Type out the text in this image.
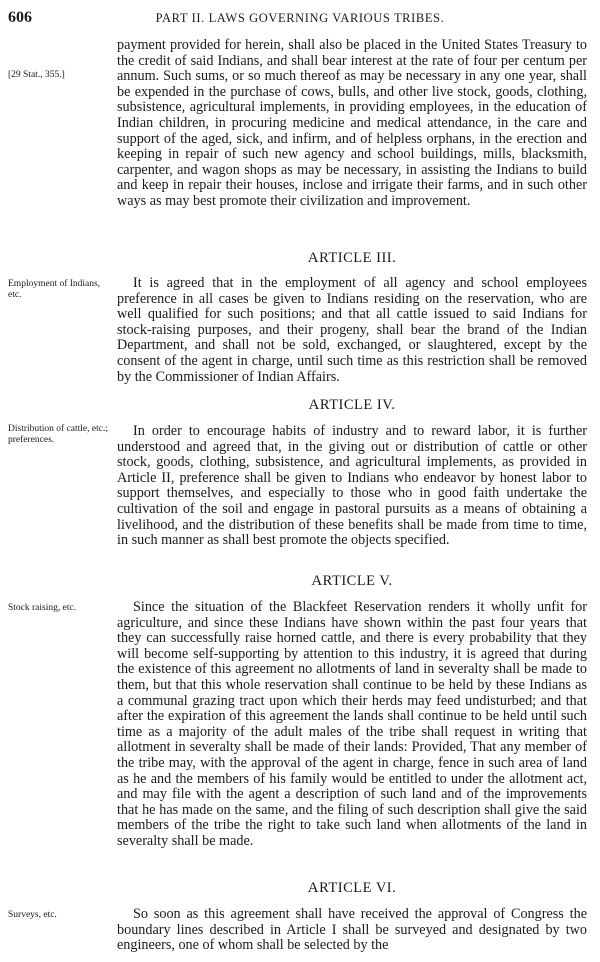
606	PART II. LAWS GOVERNING VARIOUS TRIBES.
[29 Stat., 355.]
Employment of Indians, etc.
Distribution of cattle, etc.; preferences.
Stock raising, etc.
Surveys, etc.
payment provided for herein, shall also be placed in the United States Treasury to the credit of said Indians, and shall bear interest at the rate of four per centum per annum. Such sums, or so much thereof as may be necessary in any one year, shall be expended in the purchase of cows, bulls, and other live stock, goods, clothing, subsistence, agricultural implements, in providing employees, in the education of Indian children, in procuring medicine and medical attendance, in the care and support of the aged, sick, and infirm, and of helpless orphans, in the erection and keeping in repair of such new agency and school buildings, mills, blacksmith, carpenter, and wagon shops as may be necessary, in assisting the Indians to build and keep in repair their houses, inclose and irrigate their farms, and in such other ways as may best promote their civilization and improvement.
ARTICLE III.
It is agreed that in the employment of all agency and school employees preference in all cases be given to Indians residing on the reservation, who are well qualified for such positions; and that all cattle issued to said Indians for stock-raising purposes, and their progeny, shall bear the brand of the Indian Department, and shall not be sold, exchanged, or slaughtered, except by the consent of the agent in charge, until such time as this restriction shall be removed by the Commissioner of Indian Affairs.
ARTICLE IV.
In order to encourage habits of industry and to reward labor, it is further understood and agreed that, in the giving out or distribution of cattle or other stock, goods, clothing, subsistence, and agricultural implements, as provided in Article II, preference shall be given to Indians who endeavor by honest labor to support themselves, and especially to those who in good faith undertake the cultivation of the soil and engage in pastoral pursuits as a means of obtaining a livelihood, and the distribution of these benefits shall be made from time to time, in such manner as shall best promote the objects specified.
ARTICLE V.
Since the situation of the Blackfeet Reservation renders it wholly unfit for agriculture, and since these Indians have shown within the past four years that they can successfully raise horned cattle, and there is every probability that they will become self-supporting by attention to this industry, it is agreed that during the existence of this agreement no allotments of land in severalty shall be made to them, but that this whole reservation shall continue to be held by these Indians as a communal grazing tract upon which their herds may feed undisturbed; and that after the expiration of this agreement the lands shall continue to be held until such time as a majority of the adult males of the tribe shall request in writing that allotment in severalty shall be made of their lands: Provided, That any member of the tribe may, with the approval of the agent in charge, fence in such area of land as he and the members of his family would be entitled to under the allotment act, and may file with the agent a description of such land and of the improvements that he has made on the same, and the filing of such description shall give the said members of the tribe the right to take such land when allotments of the land in severalty shall be made.
ARTICLE VI.
So soon as this agreement shall have received the approval of Congress the boundary lines described in Article I shall be surveyed and designated by two engineers, one of whom shall be selected by the
